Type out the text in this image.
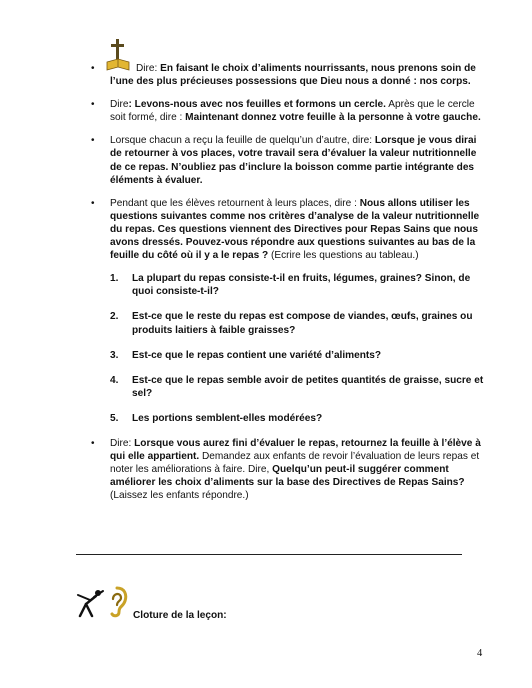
•	Dire: En faisant le choix d’aliments nourrissants, nous prenons soin de l’une des plus précieuses possessions que Dieu nous a donné : nos corps.
• Dire: Levons-nous avec nos feuilles et formons un cercle. Après que le cercle soit formé, dire : Maintenant donnez votre feuille à la personne à votre gauche.
• Lorsque chacun a reçu la feuille de quelqu’un d’autre, dire: Lorsque je vous dirai de retourner à vos places, votre travail sera d’évaluer la valeur nutritionnelle de ce repas. N’oubliez pas d’inclure la boisson comme partie intégrante des éléments à évaluer.
• Pendant que les élèves retournent à leurs places, dire : Nous allons utiliser les questions suivantes comme nos critères d’analyse de la valeur nutritionnelle du repas. Ces questions viennent des Directives pour Repas Sains que nous avons dressés. Pouvez-vous répondre aux questions suivantes au bas de la feuille du côté où il y a le repas ? (Ecrire les questions au tableau.)
1. La plupart du repas consiste-t-il en fruits, légumes, graines? Sinon, de quoi consiste-t-il?
2. Est-ce que le reste du repas est compose de viandes, œufs, graines ou produits laitiers à faible graisses?
3. Est-ce que le repas contient une variété d’aliments?
4. Est-ce que le repas semble avoir de petites quantités de graisse, sucre et sel?
5. Les portions semblent-elles modérées?
• Dire: Lorsque vous aurez fini d’évaluer le repas, retournez la feuille à l’élève à qui elle appartient. Demandez aux enfants de revoir l’évaluation de leurs repas et noter les améliorations à faire. Dire, Quelqu’un peut-il suggérer comment améliorer les choix d’aliments sur la base des Directives de Repas Sains? (Laissez les enfants répondre.)
Cloture de la leçon:
4
